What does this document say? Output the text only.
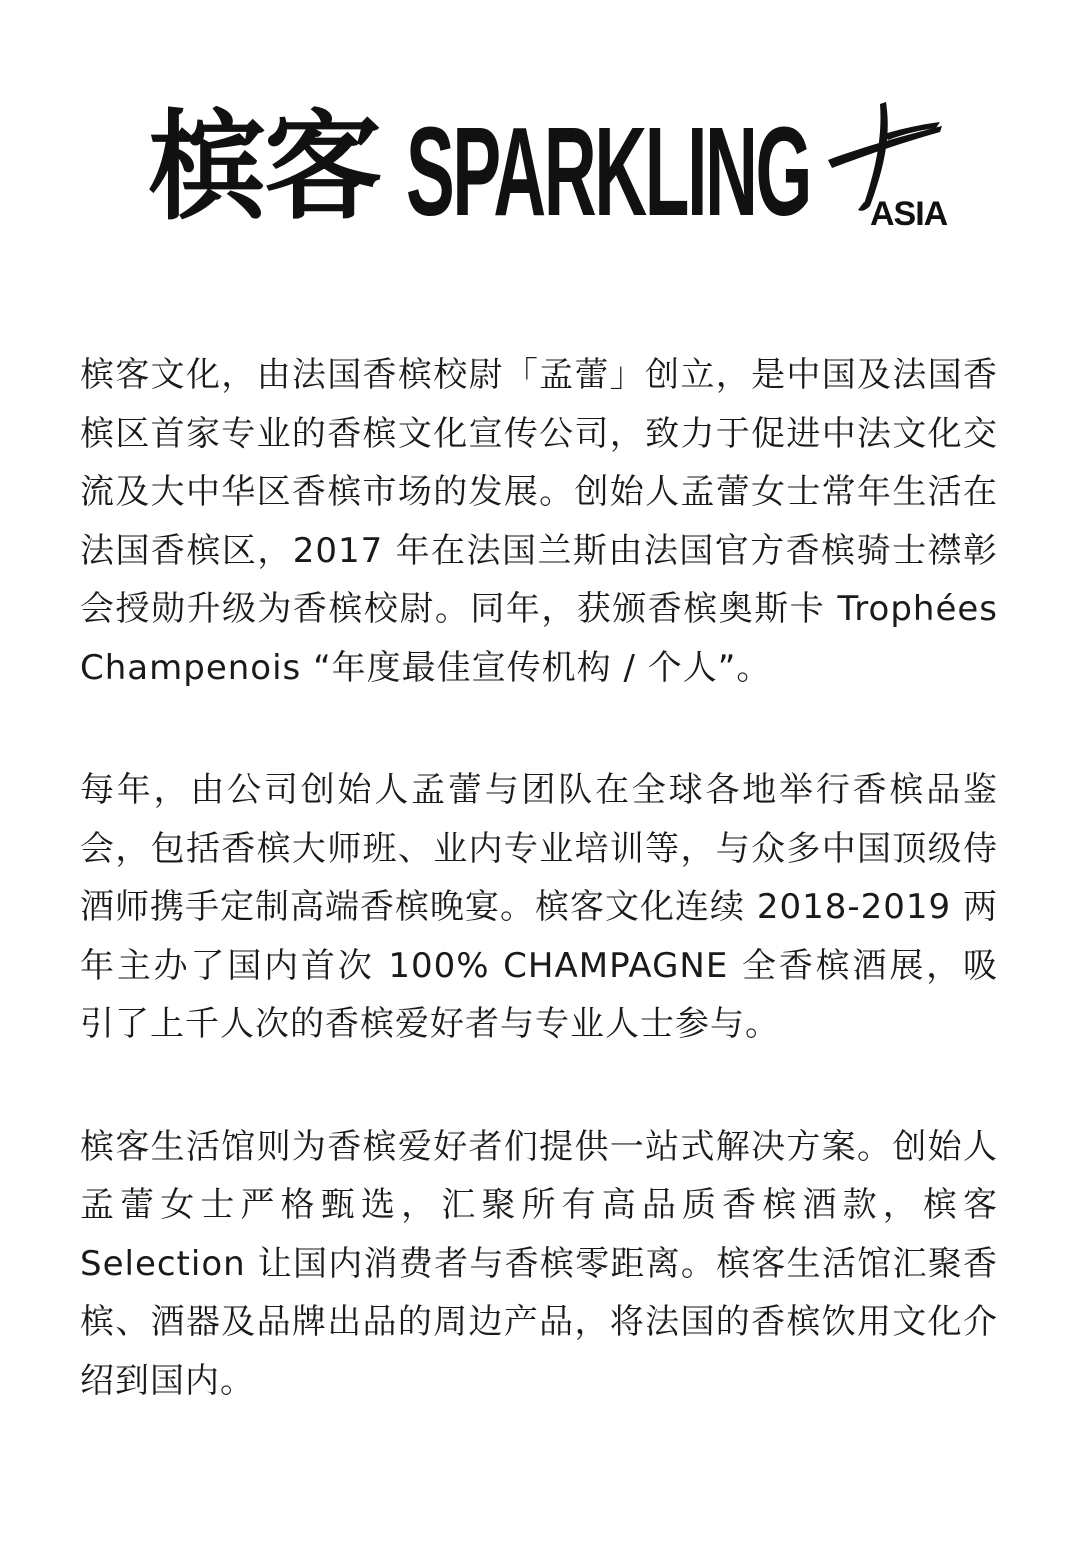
槟客 SPARKLING ASIA

槟客文化，由法国香槟校尉「孟蕾」创立，是中国及法国香槟区首家专业的香槟文化宣传公司，致力于促进中法文化交流及大中华区香槟市场的发展。创始人孟蕾女士常年生活在法国香槟区，2017 年在法国兰斯由法国官方香槟骑士襟彰会授勋升级为香槟校尉。同年，获颁香槟奥斯卡 Trophées Champenois “年度最佳宣传机构 / 个人”。

每年，由公司创始人孟蕾与团队在全球各地举行香槟品鉴会，包括香槟大师班、业内专业培训等，与众多中国顶级侍酒师携手定制高端香槟晚宴。槟客文化连续 2018-2019 两年主办了国内首次 100% CHAMPAGNE 全香槟酒展，吸引了上千人次的香槟爱好者与专业人士参与。

槟客生活馆则为香槟爱好者们提供一站式解决方案。创始人孟蕾女士严格甄选，汇聚所有高品质香槟酒款，槟客 Selection 让国内消费者与香槟零距离。槟客生活馆汇聚香槟、酒器及品牌出品的周边产品，将法国的香槟饮用文化介绍到国内。
